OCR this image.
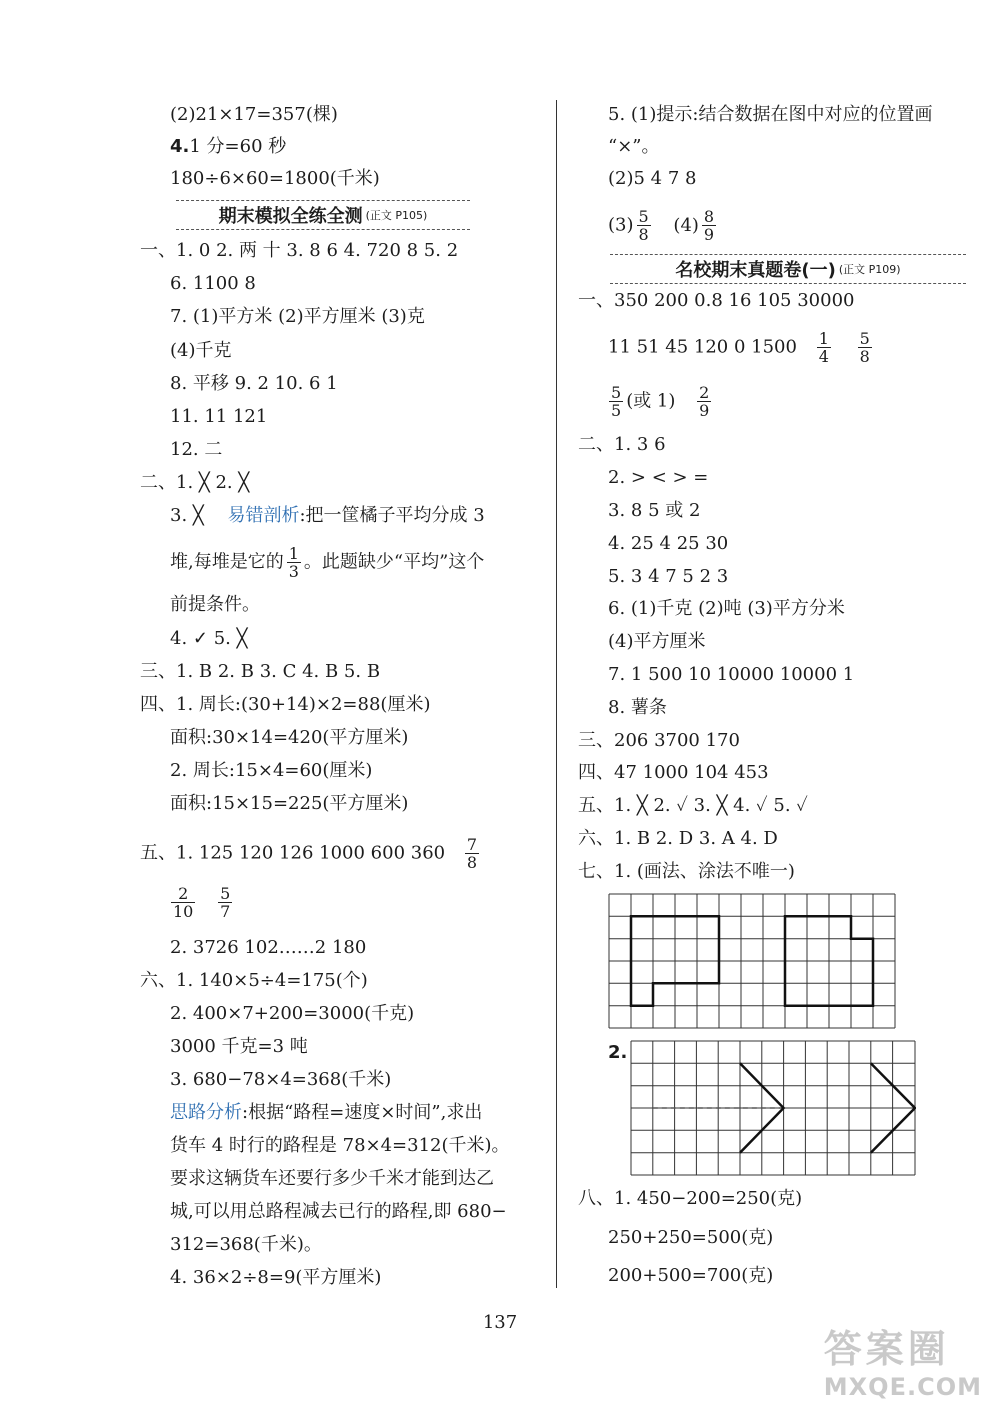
(2)21×17=357(棵)
4.1 分=60 秒
180÷6×60=1800(千米)
期末模拟全练全测 (正文 P105)
一、1. 0 2. 两 十 3. 8 6 4. 720 8 5. 2
6. 1100 8
7. (1)平方米 (2)平方厘米 (3)克
(4)千克
8. 平移 9. 2 10. 6 1
11. 11 121
12. 二
二、1. ╳ 2. ╳
3. ╳ 易错剖析:把一筐橘子平均分成 3
堆,每堆是它的 $\frac{1}{3}$ 。此题缺少“平均”这个
前提条件。
4. ✓ 5. ╳
三、1. B 2. B 3. C 4. B 5. B
四、1. 周长:(30+14)×2=88(厘米)
面积:30×14=420(平方厘米)
2. 周长:15×4=60(厘米)
面积:15×15=225(平方厘米)
五、1. 125 120 126 1000 600 $360 \frac{7}{8}$
$\frac{2}{10}$
$\frac{5}{7}$
2. 3726 102……2 180
六、1. 140×5÷4=175(个)
2. 400×7+200=3000(千克)
3000 千克=3 吨
3. 680−78×4=368(千米)
思路分析:根据“路程=速度×时间”,求出
货车 4 时行的路程是 78×4=312(千米)。
要求这辆货车还要行多少千米才能到达乙
城,可以用总路程减去已行的路程,即 680−
312=368(千米)。
4. 36×2÷8=9(平方厘米)
5. (1)提示:结合数据在图中对应的位置画
“×”。
(2)5 4 7 8
$(3) \frac{5}{8} (4) \frac{8}{9}$
名校期末真题卷(一) (正文 P109)
一、350 200 0.8 16 105 30000
11 51 45 120 0 $1500 \frac{1}{4}$
$\frac{5}{8}$
$\frac{5}{5}$ (或 $1) \frac{2}{9}$
二、1. 3 6
2. > < > =
3. 8 5 或 2
4. 25 4 25 30
5. 3 4 7 5 2 3
6. (1)千克 (2)吨 (3)平方分米
(4)平方厘米
7. 1 500 10 10000 10000 1
8. 薯条
三、206 3700 170
四、47 1000 104 453
五、1. ╳ 2. ✓ 3. ╳ 4. ✓ 5. ✓
六、1. B 2. D 3. A 4. D
七、1. (画法、涂法不唯一)
2.
八、1. 450−200=250(克)
250+250=500(克)
200+500=700(克)
137
答案圈
MXQE.COM
